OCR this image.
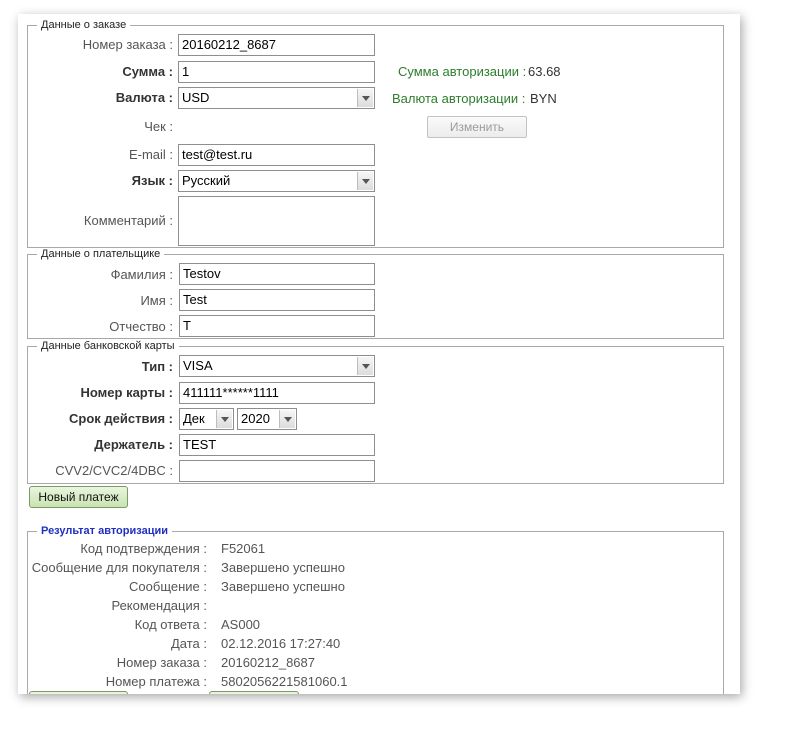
Данные о заказе
Номер заказа : 20160212_8687
Сумма : 1	Сумма авторизации : 63.68
Валюта : USD	Валюта авторизации : BYN
Чек :	Изменить
E-mail : test@test.ru
Язык : Русский
Комментарий :
Данные о плательщике
Фамилия : Testov
Имя : Test
Отчество : T
Данные банковской карты
Тип : VISA
Номер карты : 411111******1111
Срок действия : Дек	2020
Держатель : TEST
CVV2/CVC2/4DBC :
Новый платеж
Результат авторизации
Код подтверждения : F52061
Сообщение для покупателя : Завершено успешно
Сообщение : Завершено успешно
Рекомендация :
Код ответа : AS000
Дата : 02.12.2016 17:27:40
Номер заказа : 20160212_8687
Номер платежа : 5802056221581060.1
